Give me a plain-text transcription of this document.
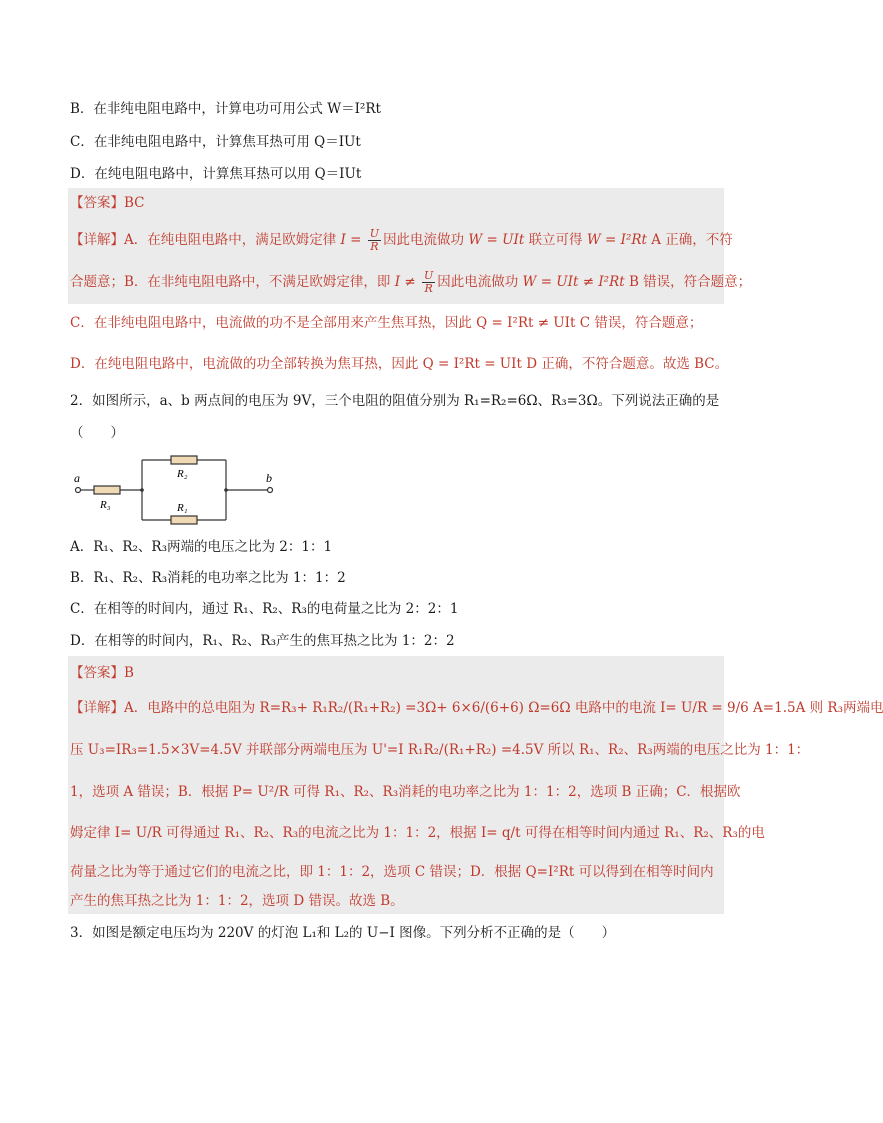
B．在非纯电阻电路中，计算电功可用公式 W＝I²Rt
C．在非纯电阻电路中，计算焦耳热可用 Q＝IUt
D．在纯电阻电路中，计算焦耳热可以用 Q＝IUt
【答案】BC
【详解】A．在纯电阻电路中，满足欧姆定律 $I = \frac{U}{R}$ 因此电流做功 W = UIt 联立可得 W = I²Rt A 正确，不符
合题意；B．在非纯电阻电路中，不满足欧姆定律，即 $I \ne \frac{U}{R}$ 因此电流做功 W = UIt ≠ I²Rt B 错误，符合题意；
C．在非纯电阻电路中，电流做的功不是全部用来产生焦耳热，因此 Q = I²Rt ≠ UIt C 错误，符合题意；
D．在纯电阻电路中，电流做的功全部转换为焦耳热，因此 Q = I²Rt = UIt D 正确，不符合题意。故选 BC。
2．如图所示，a、b 两点间的电压为 9V，三个电阻的阻值分别为 R₁=R₂=6Ω、R₃=3Ω。下列说法正确的是
（　　）
a	b
R₃
R₂
R₁
A．R₁、R₂、R₃两端的电压之比为 2：1：1
B．R₁、R₂、R₃消耗的电功率之比为 1：1：2
C．在相等的时间内，通过 R₁、R₂、R₃的电荷量之比为 2：2：1
D．在相等的时间内，R₁、R₂、R₃产生的焦耳热之比为 1：2：2
【答案】B
【详解】A．电路中的总电阻为 R=R₃+ R₁R₂/(R₁+R₂) =3Ω+ 6×6/(6+6) Ω=6Ω 电路中的电流 I= U/R = 9/6 A=1.5A 则 R₃两端电
压 U₃=IR₃=1.5×3V=4.5V 并联部分两端电压为 U'=I R₁R₂/(R₁+R₂) =4.5V 所以 R₁、R₂、R₃两端的电压之比为 1：1：
1，选项 A 错误；B．根据 P= U²/R 可得 R₁、R₂、R₃消耗的电功率之比为 1：1：2，选项 B 正确；C．根据欧
姆定律 I= U/R 可得通过 R₁、R₂、R₃的电流之比为 1：1：2，根据 I= q/t 可得在相等时间内通过 R₁、R₂、R₃的电
荷量之比为等于通过它们的电流之比，即 1：1：2，选项 C 错误；D．根据 Q=I²Rt 可以得到在相等时间内
产生的焦耳热之比为 1：1：2，选项 D 错误。故选 B。
3．如图是额定电压均为 220V 的灯泡 L₁和 L₂的 U−I 图像。下列分析不正确的是（　　）
